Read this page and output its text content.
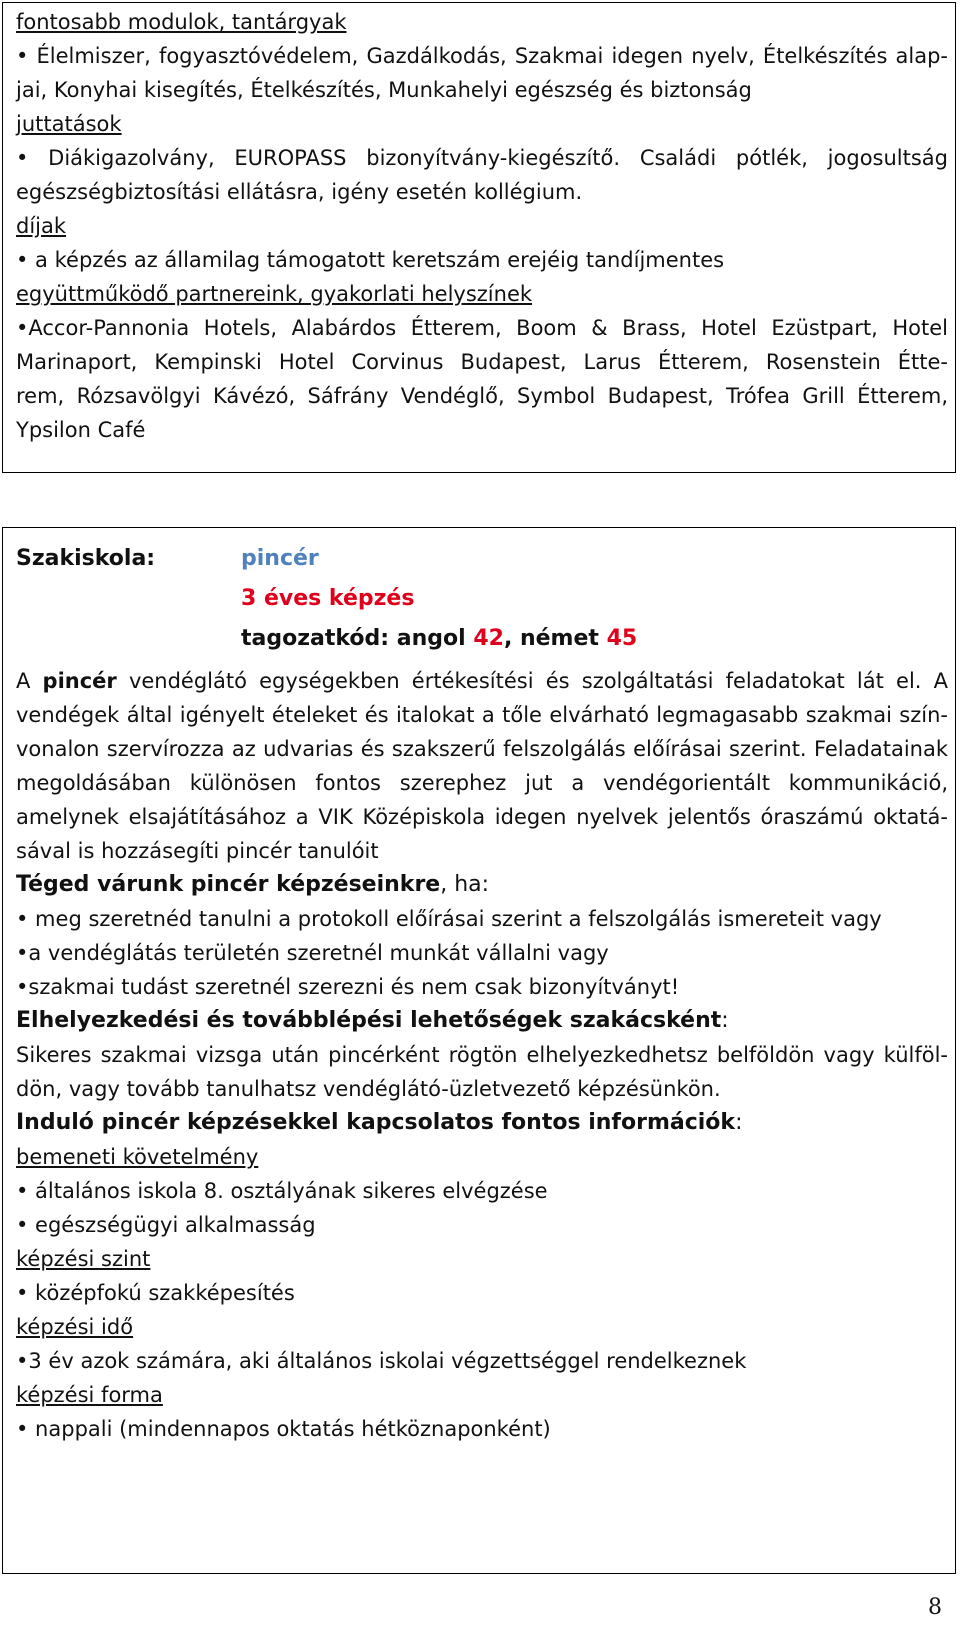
fontosabb modulok, tantárgyak
• Élelmiszer, fogyasztóvédelem, Gazdálkodás, Szakmai idegen nyelv, Ételkészítés alap-
jai, Konyhai kisegítés, Ételkészítés, Munkahelyi egészség és biztonság
juttatások
• Diákigazolvány, EUROPASS bizonyítvány-kiegészítő. Családi pótlék, jogosultság
egészségbiztosítási ellátásra, igény esetén kollégium.
díjak
• a képzés az államilag támogatott keretszám erejéig tandíjmentes
együttműködő partnereink, gyakorlati helyszínek
•Accor-Pannonia Hotels, Alabárdos Étterem, Boom & Brass, Hotel Ezüstpart, Hotel
Marinaport, Kempinski Hotel Corvinus Budapest, Larus Étterem, Rosenstein Étte-
rem, Rózsavölgyi Kávézó, Sáfrány Vendéglő, Symbol Budapest, Trófea Grill Étterem,
Ypsilon Café
Szakiskola:	pincér
3 éves képzés
tagozatkód: angol 42, német 45
A pincér vendéglátó egységekben értékesítési és szolgáltatási feladatokat lát el. A
vendégek által igényelt ételeket és italokat a tőle elvárható legmagasabb szakmai szín-
vonalon szervírozza az udvarias és szakszerű felszolgálás előírásai szerint. Feladatainak
megoldásában különösen fontos szerephez jut a vendégorientált kommunikáció,
amelynek elsajátításához a VIK Középiskola idegen nyelvek jelentős óraszámú oktatá-
sával is hozzásegíti pincér tanulóit
Téged várunk pincér képzéseinkre, ha:
• meg szeretnéd tanulni a protokoll előírásai szerint a felszolgálás ismereteit vagy
•a vendéglátás területén szeretnél munkát vállalni vagy
•szakmai tudást szeretnél szerezni és nem csak bizonyítványt!
Elhelyezkedési és továbblépési lehetőségek szakácsként:
Sikeres szakmai vizsga után pincérként rögtön elhelyezkedhetsz belföldön vagy külföl-
dön, vagy tovább tanulhatsz vendéglátó-üzletvezető képzésünkön.
Induló pincér képzésekkel kapcsolatos fontos információk:
bemeneti követelmény
• általános iskola 8. osztályának sikeres elvégzése
• egészségügyi alkalmasság
képzési szint
• középfokú szakképesítés
képzési idő
•3 év azok számára, aki általános iskolai végzettséggel rendelkeznek
képzési forma
• nappali (mindennapos oktatás hétköznaponként)
8
